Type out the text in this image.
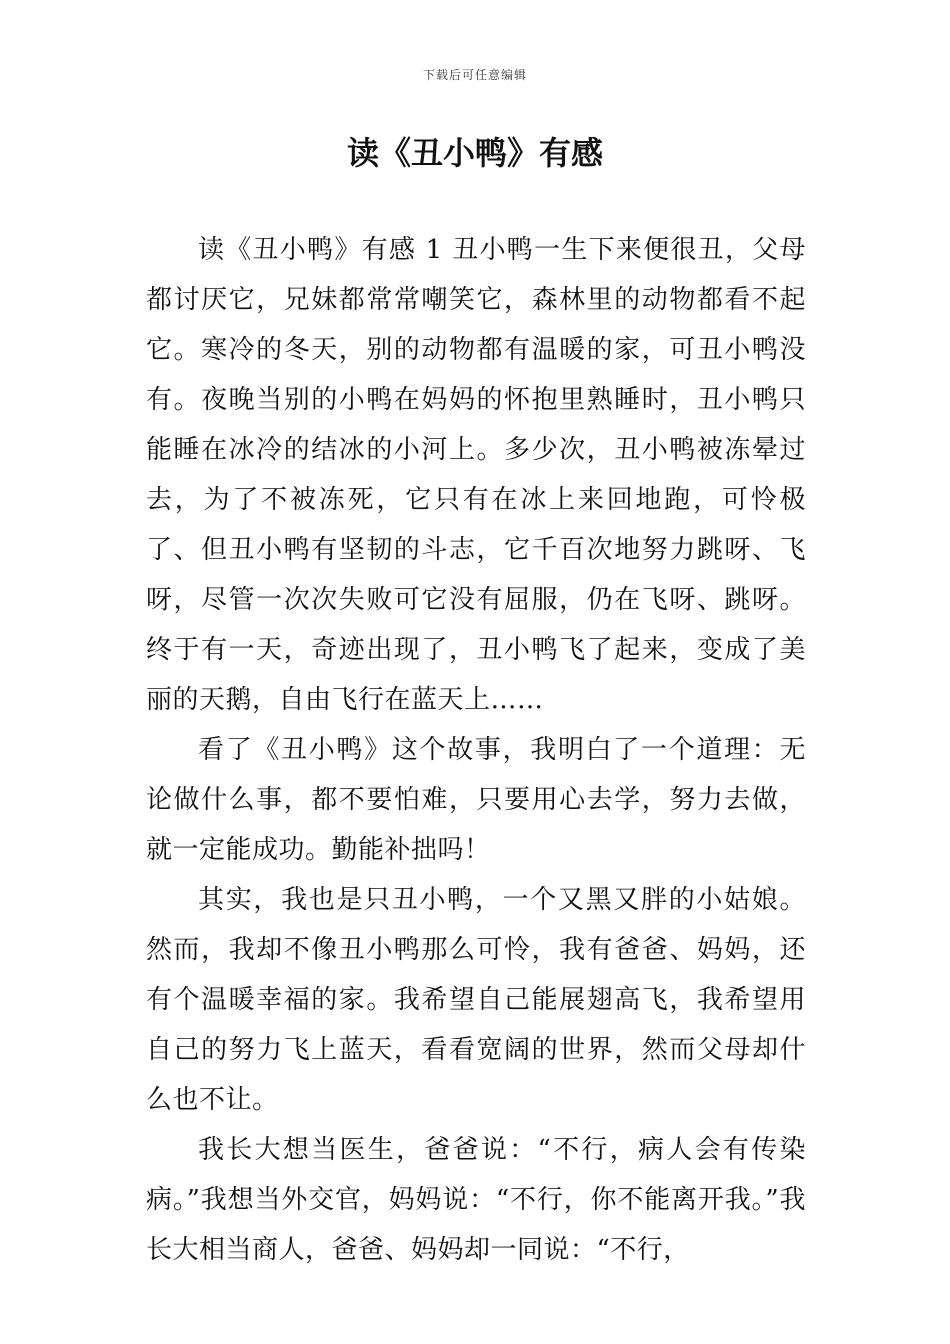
下载后可任意编辑
读《丑小鸭》有感

读《丑小鸭》有感 1 丑小鸭一生下来便很丑，父母都讨厌它，兄妹都常常嘲笑它，森林里的动物都看不起它。寒冷的冬天，别的动物都有温暖的家，可丑小鸭没有。夜晚当别的小鸭在妈妈的怀抱里熟睡时，丑小鸭只能睡在冰冷的结冰的小河上。多少次，丑小鸭被冻晕过去，为了不被冻死，它只有在冰上来回地跑，可怜极了、但丑小鸭有坚韧的斗志，它千百次地努力跳呀、飞呀，尽管一次次失败可它没有屈服，仍在飞呀、跳呀。终于有一天，奇迹出现了，丑小鸭飞了起来，变成了美丽的天鹅，自由飞行在蓝天上……

看了《丑小鸭》这个故事，我明白了一个道理：无论做什么事，都不要怕难，只要用心去学，努力去做，就一定能成功。勤能补拙吗！

其实，我也是只丑小鸭，一个又黑又胖的小姑娘。然而，我却不像丑小鸭那么可怜，我有爸爸、妈妈，还有个温暖幸福的家。我希望自己能展翅高飞，我希望用自己的努力飞上蓝天，看看宽阔的世界，然而父母却什么也不让。

我长大想当医生，爸爸说：“不行，病人会有传染病。”我想当外交官，妈妈说：“不行，你不能离开我。”我长大相当商人，爸爸、妈妈却一同说：“不行，
